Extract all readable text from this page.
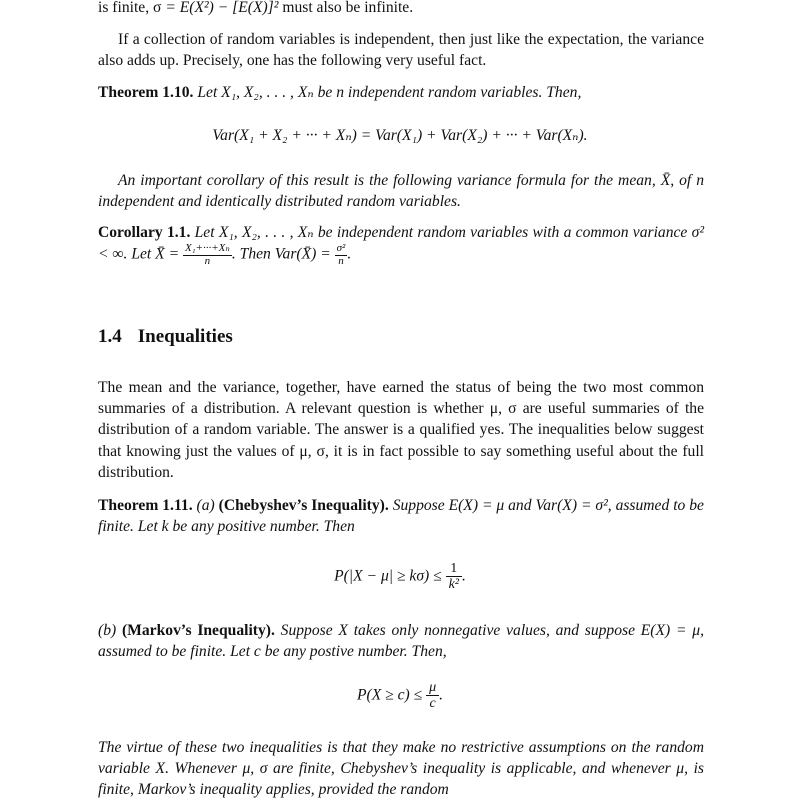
is finite, σ = E(X²) − [E(X)]² must also be infinite.

If a collection of random variables is independent, then just like the expectation, the variance also adds up. Precisely, one has the following very useful fact.

Theorem 1.10. Let X₁, X₂, . . . , Xₙ be n independent random variables. Then,

Var(X₁ + X₂ + ··· + Xₙ) = Var(X₁) + Var(X₂) + ··· + Var(Xₙ).

An important corollary of this result is the following variance formula for the mean, X̄, of n independent and identically distributed random variables.

Corollary 1.1. Let X₁, X₂, . . . , Xₙ be independent random variables with a common variance σ² < ∞. Let X̄ = $\frac{\text{X₁+···+Xₙ}}{n}$ . Then Var(X̄) = $\frac{\text{σ²}}{n}$ .

1.4 Inequalities

The mean and the variance, together, have earned the status of being the two most common summaries of a distribution. A relevant question is whether μ, σ are useful summaries of the distribution of a random variable. The answer is a qualified yes. The inequalities below suggest that knowing just the values of μ, σ, it is in fact possible to say something useful about the full distribution.

Theorem 1.11. (a) (Chebyshev’s Inequality). Suppose E(X) = μ and Var(X) = σ², assumed to be finite. Let k be any positive number. Then

$P(|X - \mu| \ge k\sigma) \le \frac{1}{\text{k²}}$ .

(b) (Markov’s Inequality). Suppose X takes only nonnegative values, and suppose E(X) = μ, assumed to be finite. Let c be any postive number. Then,

$P(X \ge c) \le \frac{\mu}{c}$ .

The virtue of these two inequalities is that they make no restrictive assumptions on the random variable X. Whenever μ, σ are finite, Chebyshev’s inequality is applicable, and whenever μ, is finite, Markov’s inequality applies, provided the random
